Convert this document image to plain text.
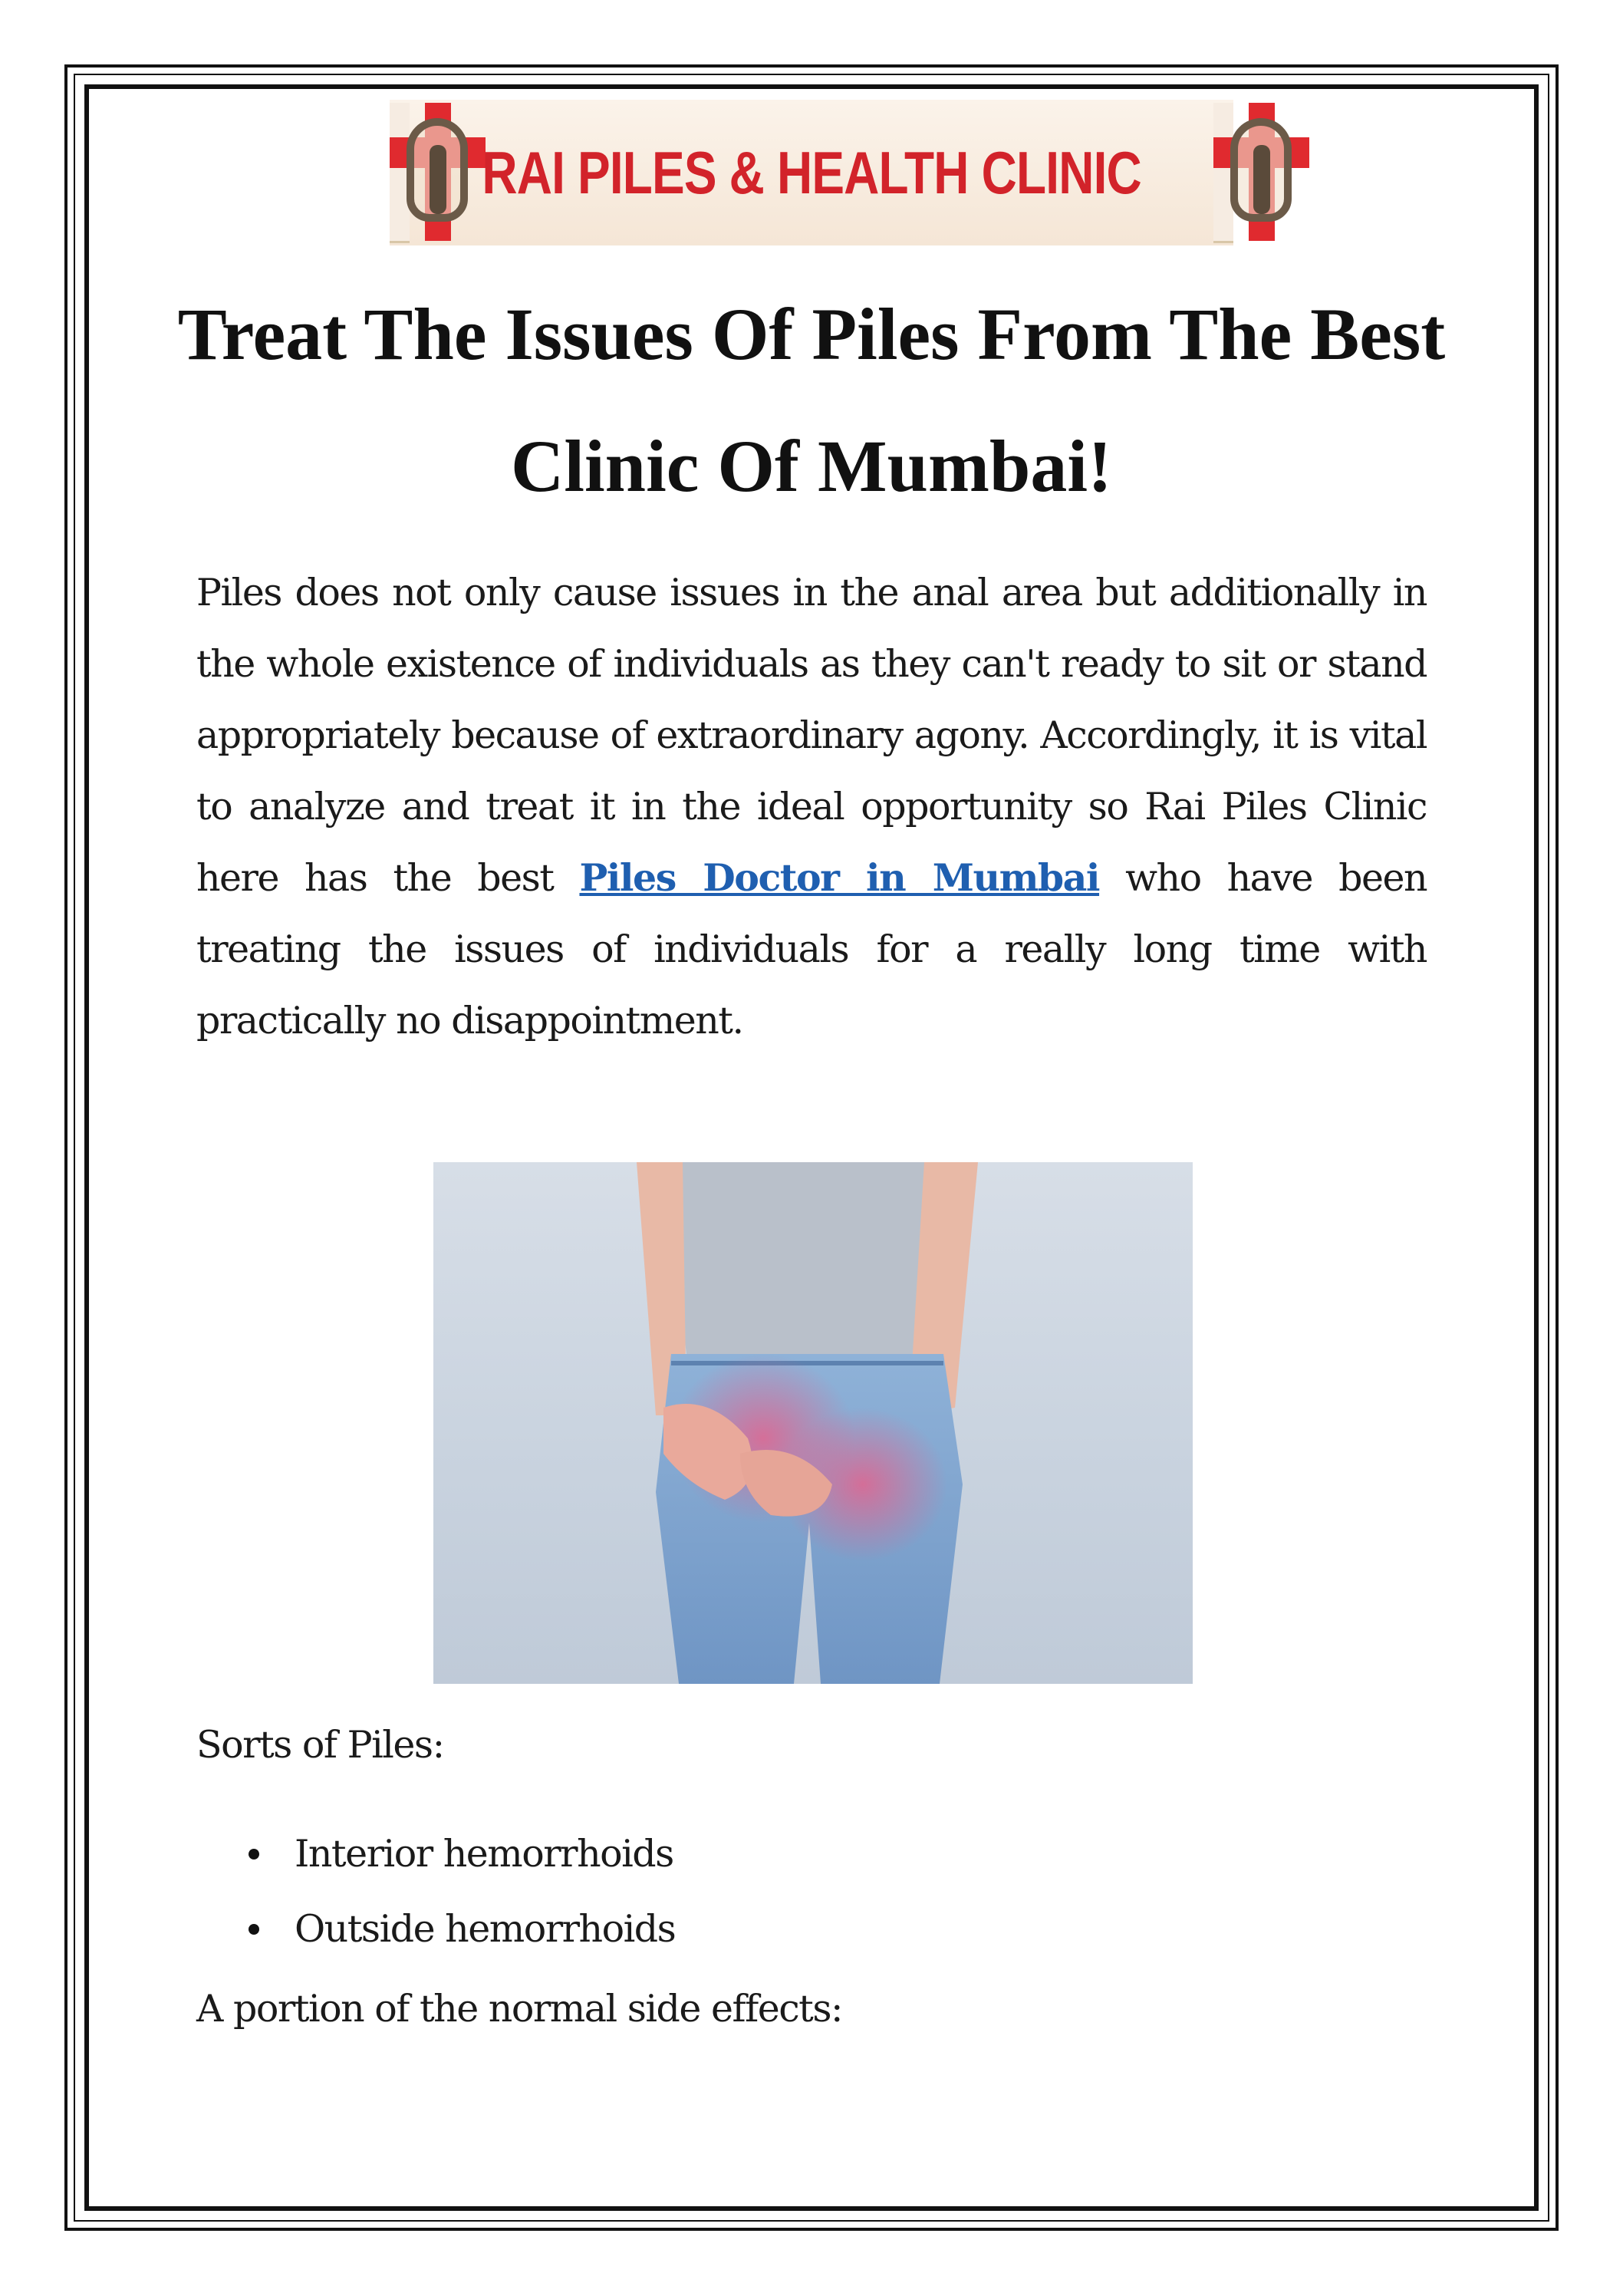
RAI PILES & HEALTH CLINIC
Treat The Issues Of Piles From The Best Clinic Of Mumbai!

Piles does not only cause issues in the anal area but additionally in the whole existence of individuals as they can't ready to sit or stand appropriately because of extraordinary agony. Accordingly, it is vital to analyze and treat it in the ideal opportunity so Rai Piles Clinic here has the best Piles Doctor in Mumbai who have been treating the issues of individuals for a really long time with practically no disappointment.

Sorts of Piles:

Interior hemorrhoids
Outside hemorrhoids

A portion of the normal side effects:
